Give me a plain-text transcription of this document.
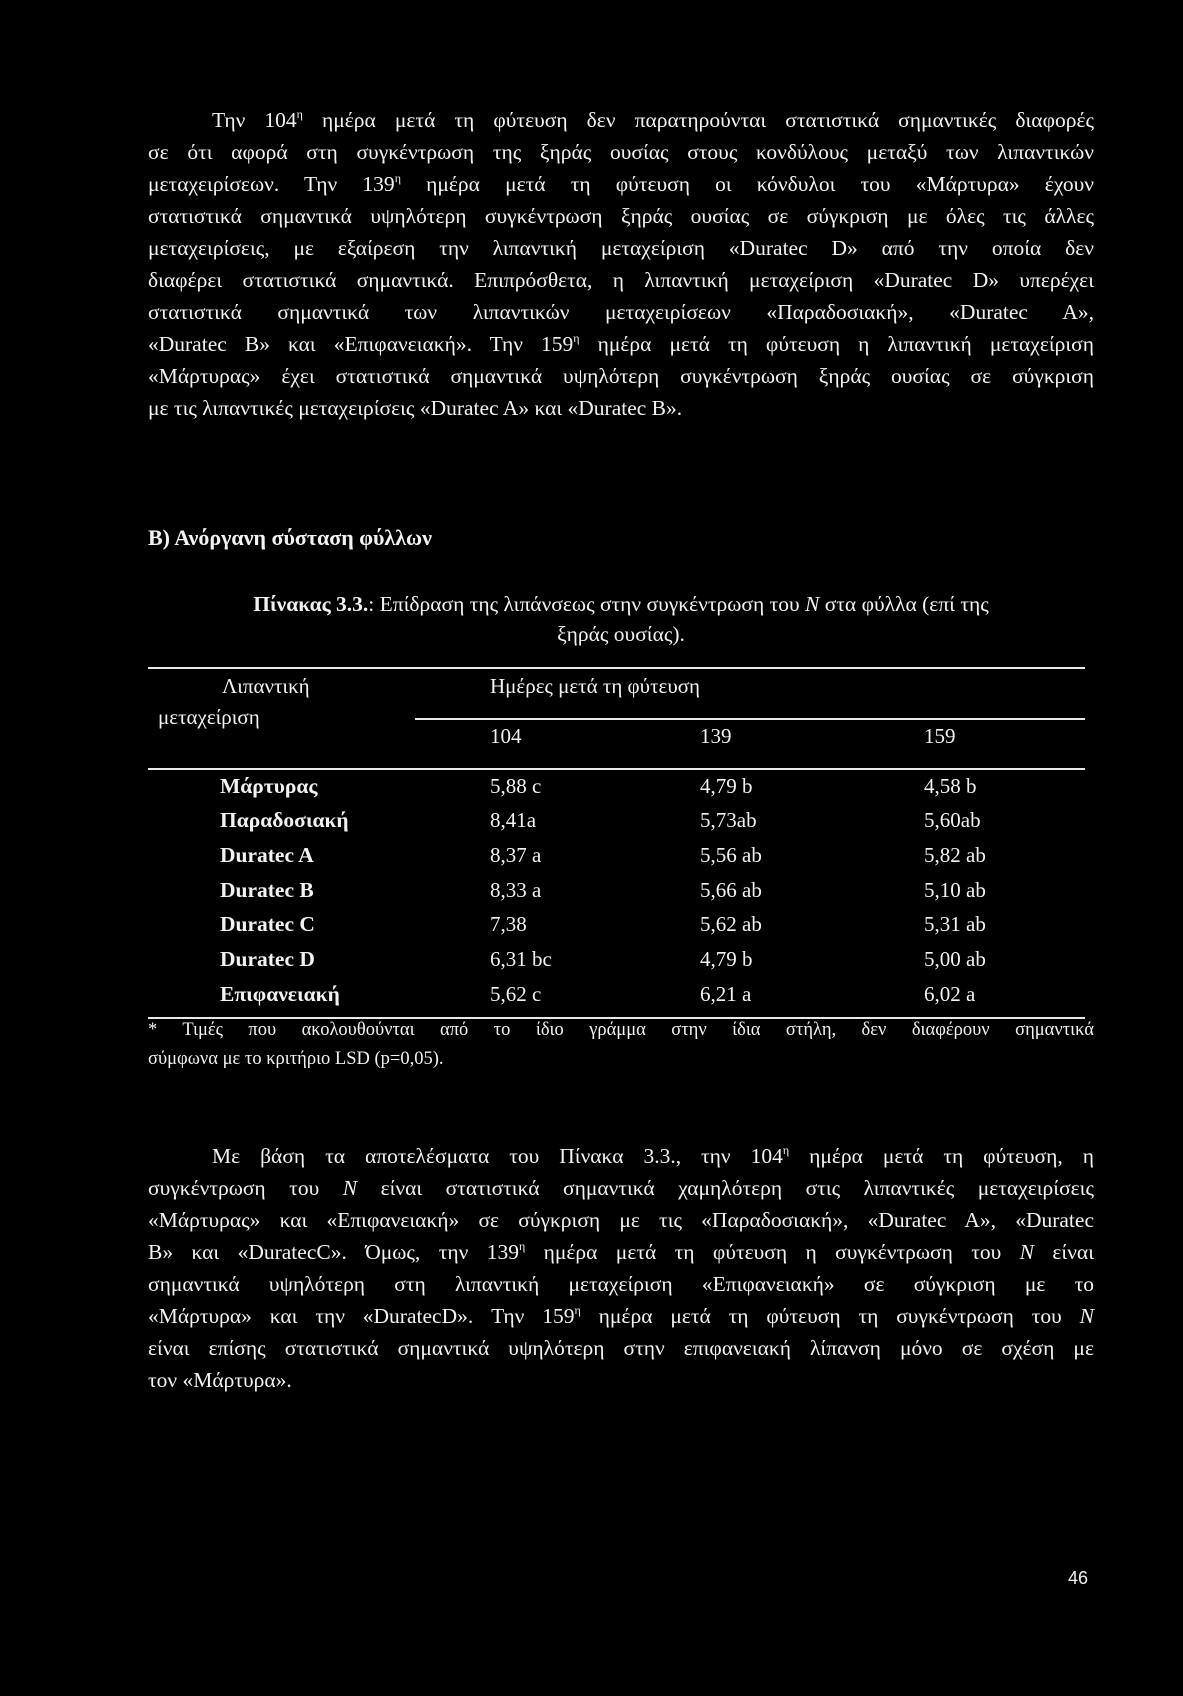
Την $104^\eta$ ημέρα μετά τη φύτευση δεν παρατηρούνται στατιστικά σημαντικές διαφορές
σε ότι αφορά στη συγκέντρωση της ξηράς ουσίας στους κονδύλους μεταξύ των λιπαντικών
μεταχειρίσεων. Την $139^\eta$ ημέρα μετά τη φύτευση οι κόνδυλοι του «Μάρτυρα» έχουν
στατιστικά σημαντικά υψηλότερη συγκέντρωση ξηράς ουσίας σε σύγκριση με όλες τις άλλες
μεταχειρίσεις, με εξαίρεση την λιπαντική μεταχείριση «Duratec D» από την οποία δεν
διαφέρει στατιστικά σημαντικά. Επιπρόσθετα, η λιπαντική μεταχείριση «Duratec D» υπερέχει
στατιστικά σημαντικά των λιπαντικών μεταχειρίσεων «Παραδοσιακή», «Duratec A»,
«Duratec B» και «Επιφανειακή». Την $159^\eta$ ημέρα μετά τη φύτευση η λιπαντική μεταχείριση
«Μάρτυρας» έχει στατιστικά σημαντικά υψηλότερη συγκέντρωση ξηράς ουσίας σε σύγκριση
με τις λιπαντικές μεταχειρίσεις «Duratec A» και «Duratec B».
Β) Ανόργανη σύσταση φύλλων
Πίνακας 3.3.: Επίδραση της λιπάνσεως στην συγκέντρωση του N στα φύλλα (επί της
ξηράς ουσίας).
Λιπαντική
μεταχείριση
Ημέρες μετά τη φύτευση
104	139	159
Μάρτυρας	5,88 c	4,79 b	4,58 b
Παραδοσιακή	8,41a	5,73ab	5,60ab
Duratec A	8,37 a	5,56 ab	5,82 ab
Duratec B	8,33 a	5,66 ab	5,10 ab
Duratec C	7,38	5,62 ab	5,31 ab
Duratec D	6,31 bc	4,79 b	5,00 ab
Επιφανειακή	5,62 c	6,21 a	6,02 a
* Τιμές που ακολουθούνται από το ίδιο γράμμα στην ίδια στήλη, δεν διαφέρουν σημαντικά
σύμφωνα με το κριτήριο LSD (p=0,05).
Με βάση τα αποτελέσματα του Πίνακα 3.3., την $104^\eta$ ημέρα μετά τη φύτευση, η
συγκέντρωση του N είναι στατιστικά σημαντικά χαμηλότερη στις λιπαντικές μεταχειρίσεις
«Μάρτυρας» και «Επιφανειακή» σε σύγκριση με τις «Παραδοσιακή», «Duratec A», «Duratec
B» και «DuratecC». Όμως, την $139^\eta$ ημέρα μετά τη φύτευση η συγκέντρωση του N είναι
σημαντικά υψηλότερη στη λιπαντική μεταχείριση «Επιφανειακή» σε σύγκριση με το
«Μάρτυρα» και την «DuratecD». Την $159^\eta$ ημέρα μετά τη φύτευση τη συγκέντρωση του N
είναι επίσης στατιστικά σημαντικά υψηλότερη στην επιφανειακή λίπανση μόνο σε σχέση με
τον «Μάρτυρα».
46
